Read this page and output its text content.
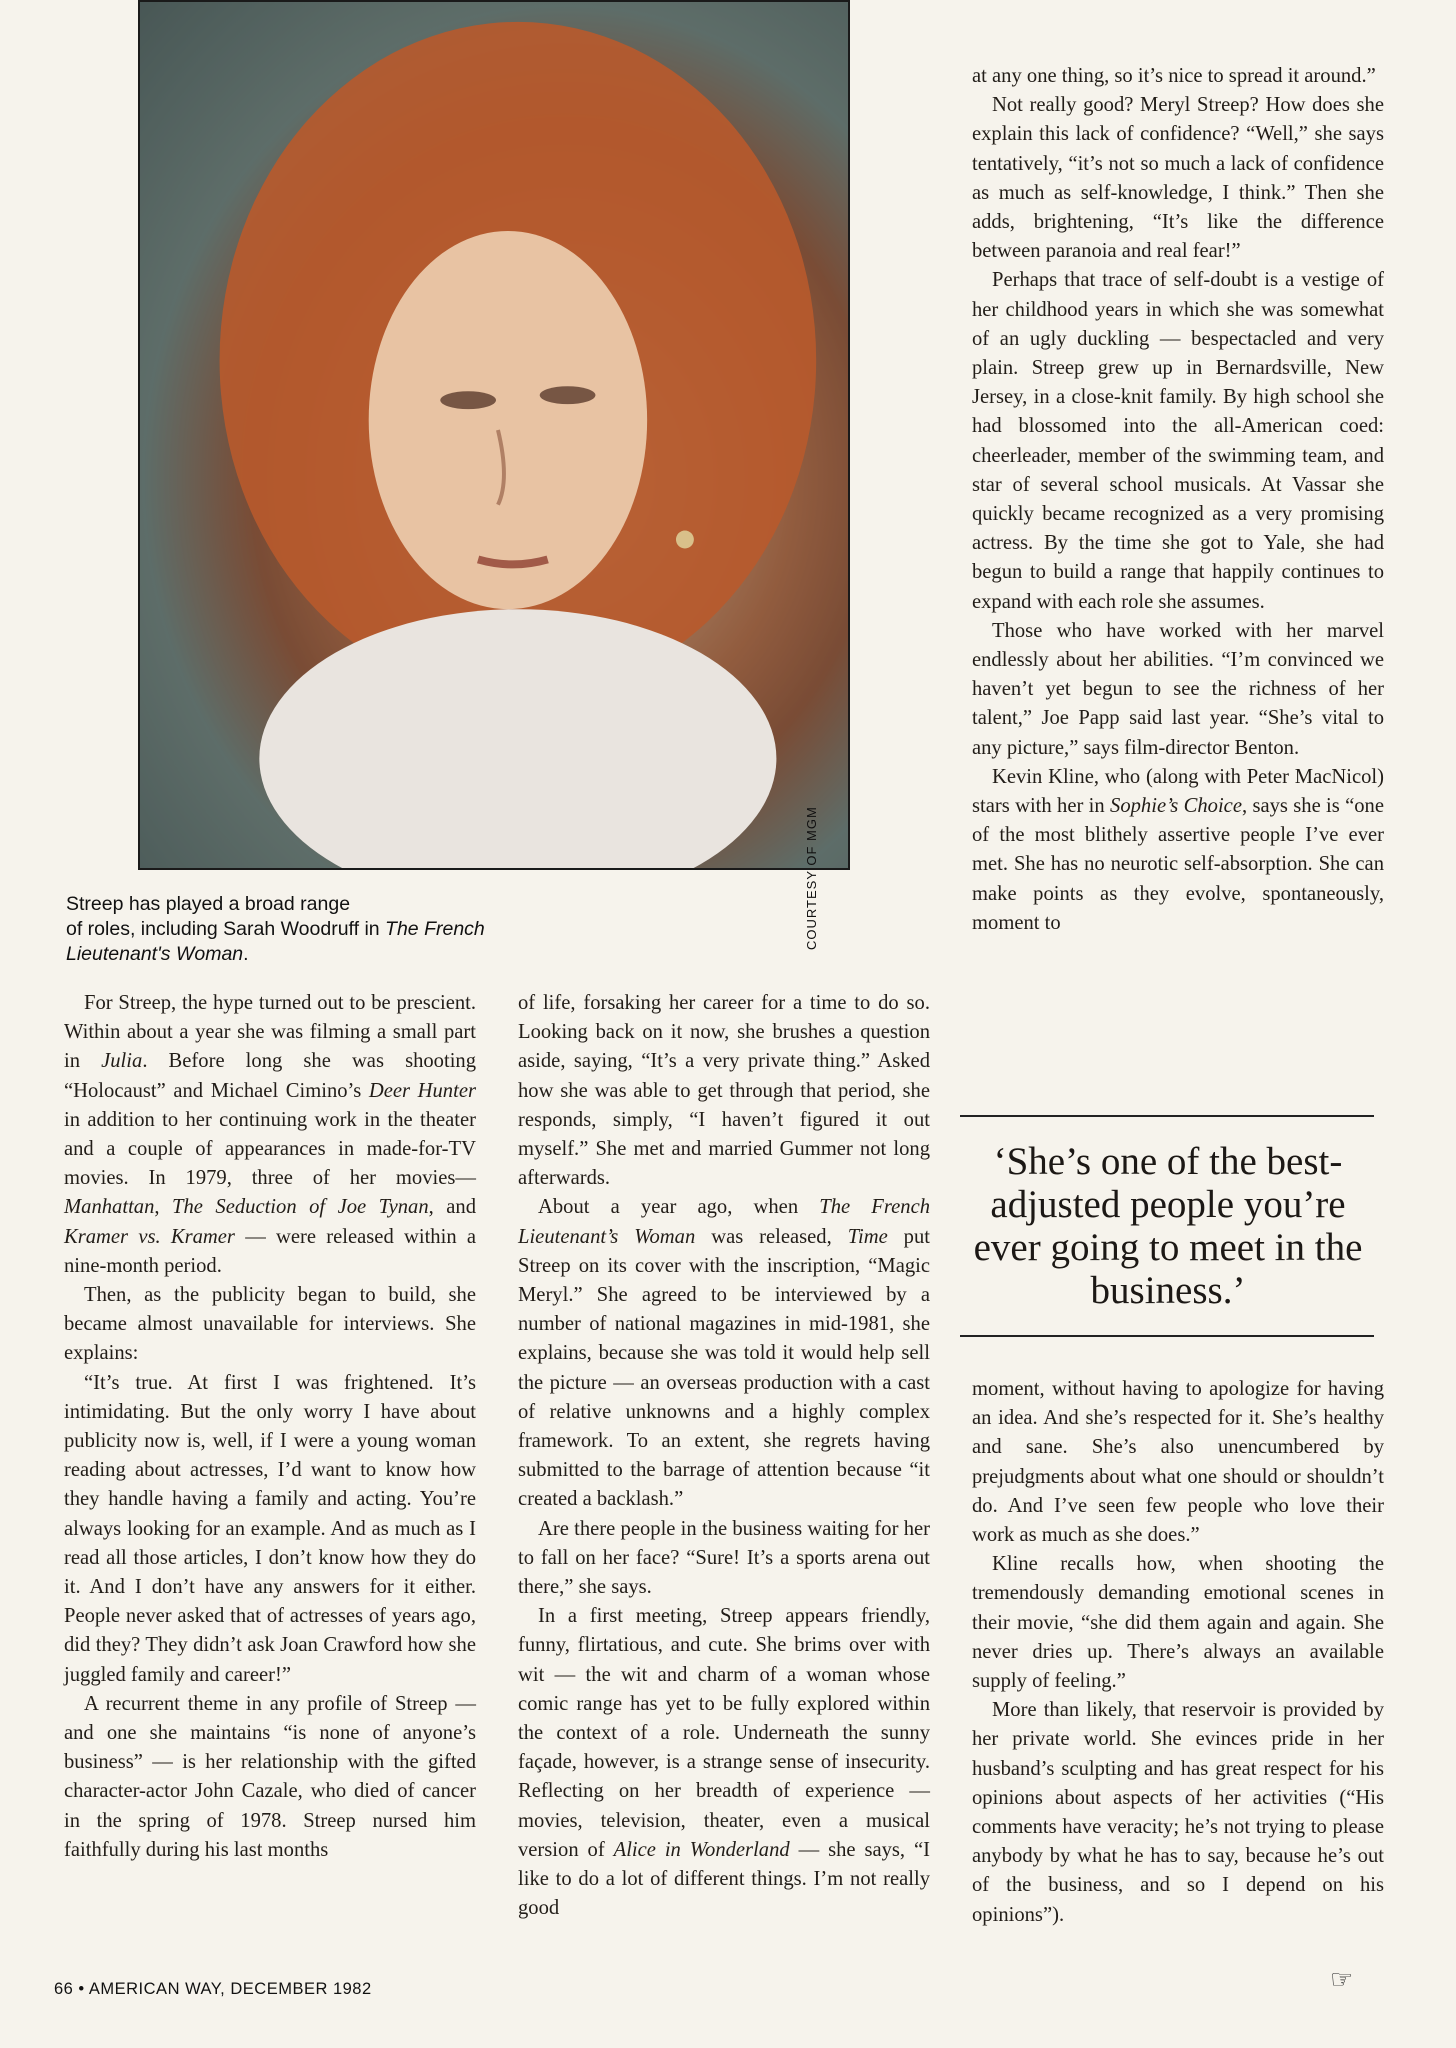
COURTESY OF MGM
Streep has played a broad range
of roles, including Sarah Woodruff in The French Lieutenant's Woman.

For Streep, the hype turned out to be prescient. Within about a year she was filming a small part in Julia. Before long she was shooting “Holocaust” and Michael Cimino’s Deer Hunter in addition to her continuing work in the theater and a couple of appearances in made-for-TV movies. In 1979, three of her movies—Manhattan, The Seduction of Joe Tynan, and Kramer vs. Kramer — were released within a nine-month period.

Then, as the publicity began to build, she became almost unavailable for interviews. She explains:

“It’s true. At first I was frightened. It’s intimidating. But the only worry I have about publicity now is, well, if I were a young woman reading about actresses, I’d want to know how they handle having a family and acting. You’re always looking for an example. And as much as I read all those articles, I don’t know how they do it. And I don’t have any answers for it either. People never asked that of actresses of years ago, did they? They didn’t ask Joan Crawford how she juggled family and career!”

A recurrent theme in any profile of Streep — and one she maintains “is none of anyone’s business” — is her relationship with the gifted character-actor John Cazale, who died of cancer in the spring of 1978. Streep nursed him faithfully during his last months

of life, forsaking her career for a time to do so. Looking back on it now, she brushes a question aside, saying, “It’s a very private thing.” Asked how she was able to get through that period, she responds, simply, “I haven’t figured it out myself.” She met and married Gummer not long afterwards.

About a year ago, when The French Lieutenant’s Woman was released, Time put Streep on its cover with the inscription, “Magic Meryl.” She agreed to be interviewed by a number of national magazines in mid-1981, she explains, because she was told it would help sell the picture — an overseas production with a cast of relative unknowns and a highly complex framework. To an extent, she regrets having submitted to the barrage of attention because “it created a backlash.”

Are there people in the business waiting for her to fall on her face? “Sure! It’s a sports arena out there,” she says.

In a first meeting, Streep appears friendly, funny, flirtatious, and cute. She brims over with wit — the wit and charm of a woman whose comic range has yet to be fully explored within the context of a role. Underneath the sunny façade, however, is a strange sense of insecurity. Reflecting on her breadth of experience — movies, television, theater, even a musical version of Alice in Wonderland — she says, “I like to do a lot of different things. I’m not really good

at any one thing, so it’s nice to spread it around.”

Not really good? Meryl Streep? How does she explain this lack of confidence? “Well,” she says tentatively, “it’s not so much a lack of confidence as much as self-knowledge, I think.” Then she adds, brightening, “It’s like the difference between paranoia and real fear!”

Perhaps that trace of self-doubt is a vestige of her childhood years in which she was somewhat of an ugly duckling — bespectacled and very plain. Streep grew up in Bernardsville, New Jersey, in a close-knit family. By high school she had blossomed into the all-American coed: cheerleader, member of the swimming team, and star of several school musicals. At Vassar she quickly became recognized as a very promising actress. By the time she got to Yale, she had begun to build a range that happily continues to expand with each role she assumes.

Those who have worked with her marvel endlessly about her abilities. “I’m convinced we haven’t yet begun to see the richness of her talent,” Joe Papp said last year. “She’s vital to any picture,” says film-director Benton.

Kevin Kline, who (along with Peter MacNicol) stars with her in Sophie’s Choice, says she is “one of the most blithely assertive people I’ve ever met. She has no neurotic self-absorption. She can make points as they evolve, spontaneously, moment to

‘She’s one of the best-adjusted people you’re ever going to meet in the business.’

moment, without having to apologize for having an idea. And she’s respected for it. She’s healthy and sane. She’s also unencumbered by prejudgments about what one should or shouldn’t do. And I’ve seen few people who love their work as much as she does.”

Kline recalls how, when shooting the tremendously demanding emotional scenes in their movie, “she did them again and again. She never dries up. There’s always an available supply of feeling.”

More than likely, that reservoir is provided by her private world. She evinces pride in her husband’s sculpting and has great respect for his opinions about aspects of her activities (“His comments have veracity; he’s not trying to please anybody by what he has to say, because he’s out of the business, and so I depend on his opinions”).

66 • AMERICAN WAY, DECEMBER 1982	☞
